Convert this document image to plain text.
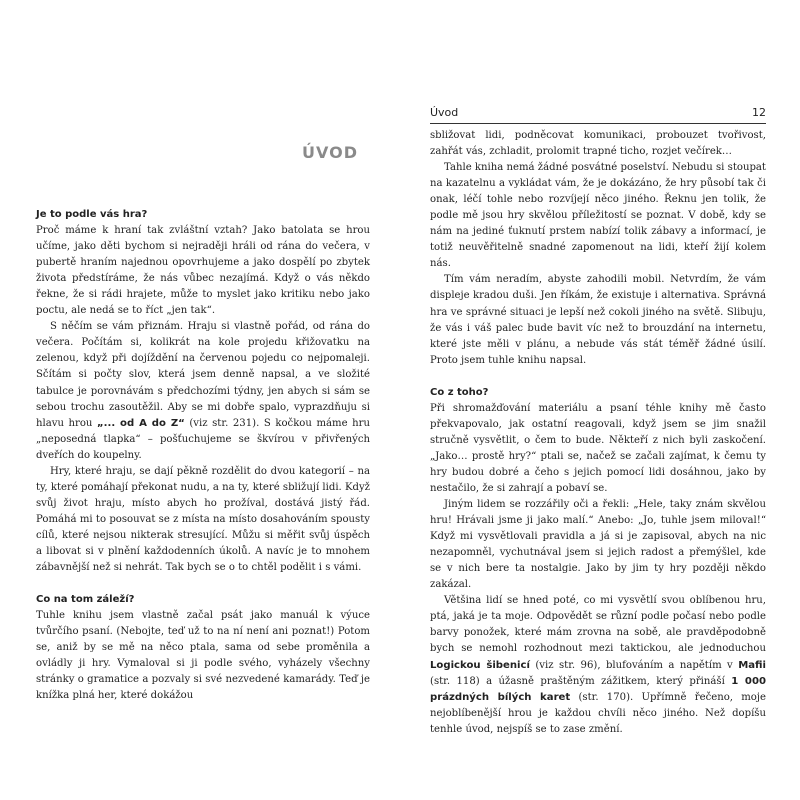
ÚVOD
Je to podle vás hra?

Proč máme k hraní tak zvláštní vztah? Jako batolata se hrou učíme, jako děti bychom si nejraději hráli od rána do večera, v pubertě hraním najednou opovrhujeme a jako dospělí po zbytek života předstíráme, že nás vůbec nezajímá. Když o vás někdo řekne, že si rádi hrajete, může to myslet jako kritiku nebo jako poctu, ale nedá se to říct „jen tak“.

S něčím se vám přiznám. Hraju si vlastně pořád, od rána do večera. Počítám si, kolikrát na kole projedu křižovatku na zelenou, když při dojíždění na červenou pojedu co nejpomaleji. Sčítám si počty slov, která jsem denně napsal, a ve složité tabulce je porovnávám s předchozími týdny, jen abych si sám se sebou trochu zasoutěžil. Aby se mi dobře spalo, vyprazdňuju si hlavu hrou „... od A do Z“ (viz str. 231). S kočkou máme hru „neposedná tlapka“ – pošťuchujeme se škvírou v přivřených dveřích do koupelny.

Hry, které hraju, se dají pěkně rozdělit do dvou kategorií – na ty, které pomáhají překonat nudu, a na ty, které sbližují lidi. Když svůj život hraju, místo abych ho prožíval, dostává jistý řád. Pomáhá mi to posouvat se z místa na místo dosahováním spousty cílů, které nejsou nikterak stresující. Můžu si měřit svůj úspěch a libovat si v plnění každodenních úkolů. A navíc je to mnohem zábavnější než si nehrát. Tak bych se o to chtěl podělit i s vámi.

Co na tom záleží?

Tuhle knihu jsem vlastně začal psát jako manuál k výuce tvůrčího psaní. (Nebojte, teď už to na ní není ani poznat!) Potom se, aniž by se mě na něco ptala, sama od sebe proměnila a ovládly ji hry. Vymaloval si ji podle svého, vyházely všechny stránky o gramatice a pozvaly si své nezvedené kamarády. Teď je knížka plná her, které dokážou

Úvod	12

sbližovat lidi, podněcovat komunikaci, probouzet tvořivost, zahřát vás, zchladit, prolomit trapné ticho, rozjet večírek…

Tahle kniha nemá žádné posvátné poselství. Nebudu si stoupat na kazatelnu a vykládat vám, že je dokázáno, že hry působí tak či onak, léčí tohle nebo rozvíjejí něco jiného. Řeknu jen tolik, že podle mě jsou hry skvělou příležitostí se poznat. V době, kdy se nám na jediné ťuknutí prstem nabízí tolik zábavy a informací, je totiž neuvěřitelně snadné zapomenout na lidi, kteří žijí kolem nás.

Tím vám neradím, abyste zahodili mobil. Netvrdím, že vám displeje kradou duši. Jen říkám, že existuje i alternativa. Správná hra ve správné situaci je lepší než cokoli jiného na světě. Slibuju, že vás i váš palec bude bavit víc než to brouzdání na internetu, které jste měli v plánu, a nebude vás stát téměř žádné úsilí. Proto jsem tuhle knihu napsal.

Co z toho?

Při shromažďování materiálu a psaní téhle knihy mě často překvapovalo, jak ostatní reagovali, když jsem se jim snažil stručně vysvětlit, o čem to bude. Někteří z nich byli zaskočení. „Jako… prostě hry?“ ptali se, načež se začali zajímat, k čemu ty hry budou dobré a čeho s jejich pomocí lidi dosáhnou, jako by nestačilo, že si zahrají a pobaví se.

Jiným lidem se rozzářily oči a řekli: „Hele, taky znám skvělou hru! Hrávali jsme ji jako malí.“ Anebo: „Jo, tuhle jsem miloval!“ Když mi vysvětlovali pravidla a já si je zapisoval, abych na nic nezapomněl, vychutnával jsem si jejich radost a přemýšlel, kde se v nich bere ta nostalgie. Jako by jim ty hry později někdo zakázal.

Většina lidí se hned poté, co mi vysvětlí svou oblíbenou hru, ptá, jaká je ta moje. Odpovědět se různí podle počasí nebo podle barvy ponožek, které mám zrovna na sobě, ale pravděpodobně bych se nemohl rozhodnout mezi taktickou, ale jednoduchou Logickou šibenicí (viz str. 96), blufováním a napětím v Mafii (str. 118) a úžasně praštěným zážitkem, který přináší 1 000 prázdných bílých karet (str. 170). Upřímně řečeno, moje nejoblíbenější hrou je každou chvíli něco jiného. Než dopíšu tenhle úvod, nejspíš se to zase změní.
